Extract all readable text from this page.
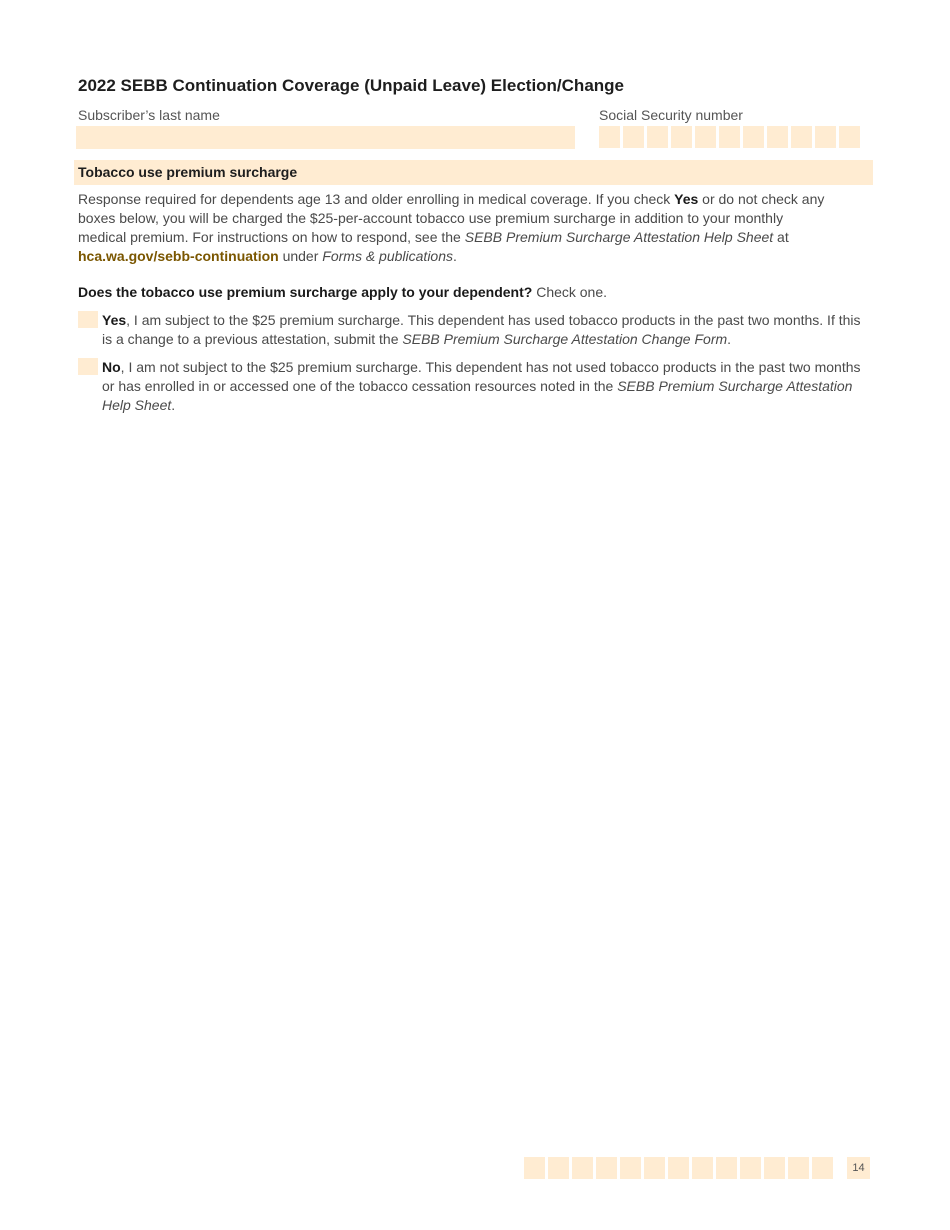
2022 SEBB Continuation Coverage (Unpaid Leave) Election/Change

Subscriber’s last name	Social Security number

Tobacco use premium surcharge

Response required for dependents age 13 and older enrolling in medical coverage. If you check Yes or do not check any boxes below, you will be charged the $25-per-account tobacco use premium surcharge in addition to your monthly medical premium. For instructions on how to respond, see the SEBB Premium Surcharge Attestation Help Sheet at
hca.wa.gov/sebb-continuation under Forms & publications.

Does the tobacco use premium surcharge apply to your dependent? Check one.

Yes, I am subject to the $25 premium surcharge. This dependent has used tobacco products in the past two months. If this is a change to a previous attestation, submit the SEBB Premium Surcharge Attestation Change Form.

No, I am not subject to the $25 premium surcharge. This dependent has not used tobacco products in the past two months or has enrolled in or accessed one of the tobacco cessation resources noted in the SEBB Premium Surcharge Attestation Help Sheet.

14
